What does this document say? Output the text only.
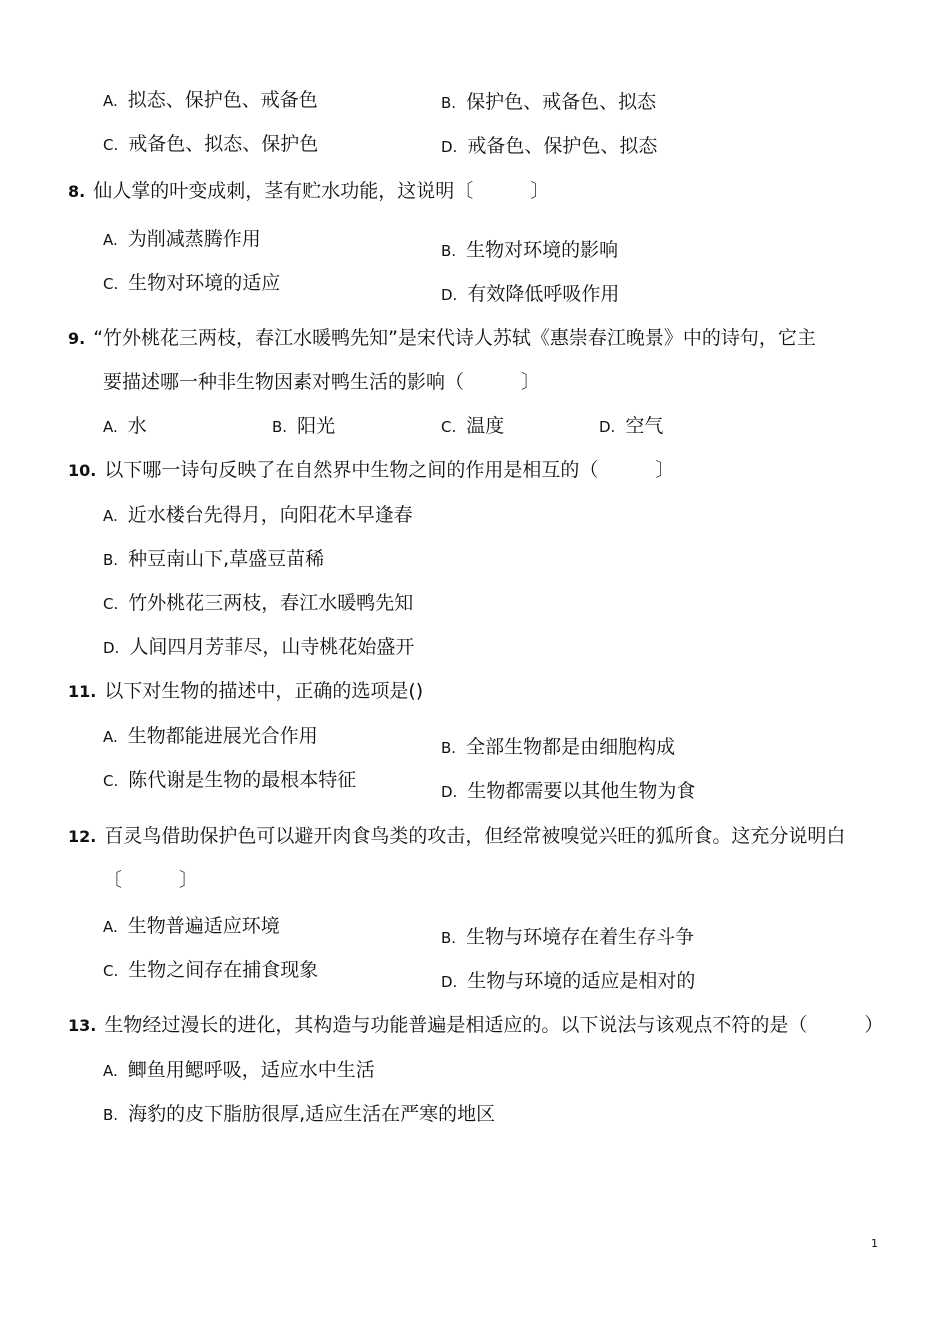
A. 拟态、保护色、戒备色	B. 保护色、戒备色、拟态
C. 戒备色、拟态、保护色	D. 戒备色、保护色、拟态
8. 仙人掌的叶变成刺，茎有贮水功能，这说明〔　　　〕
A. 为削减蒸腾作用
B. 生物对环境的影响
C. 生物对环境的适应
D. 有效降低呼吸作用
9. “竹外桃花三两枝，春江水暖鸭先知”是宋代诗人苏轼《惠崇春江晚景》中的诗句，它主
要描述哪一种非生物因素对鸭生活的影响（　　　〕
A. 水	B. 阳光	C. 温度	D. 空气
10. 以下哪一诗句反映了在自然界中生物之间的作用是相互的（　　　〕
A. 近水楼台先得月，向阳花木早逢春
B. 种豆南山下,草盛豆苗稀
C. 竹外桃花三两枝，春江水暖鸭先知
D. 人间四月芳菲尽，山寺桃花始盛开
11. 以下对生物的描述中，正确的选项是()
A. 生物都能进展光合作用
B. 全部生物都是由细胞构成
C. 陈代谢是生物的最根本特征
D. 生物都需要以其他生物为食
12. 百灵鸟借助保护色可以避开肉食鸟类的攻击，但经常被嗅觉兴旺的狐所食。这充分说明白
〔　　　〕
A. 生物普遍适应环境
B. 生物与环境存在着生存斗争
C. 生物之间存在捕食现象
D. 生物与环境的适应是相对的
13. 生物经过漫长的进化，其构造与功能普遍是相适应的。以下说法与该观点不符的是（　　　）
A. 鲫鱼用鳃呼吸，适应水中生活
B. 海豹的皮下脂肪很厚,适应生活在严寒的地区
1
